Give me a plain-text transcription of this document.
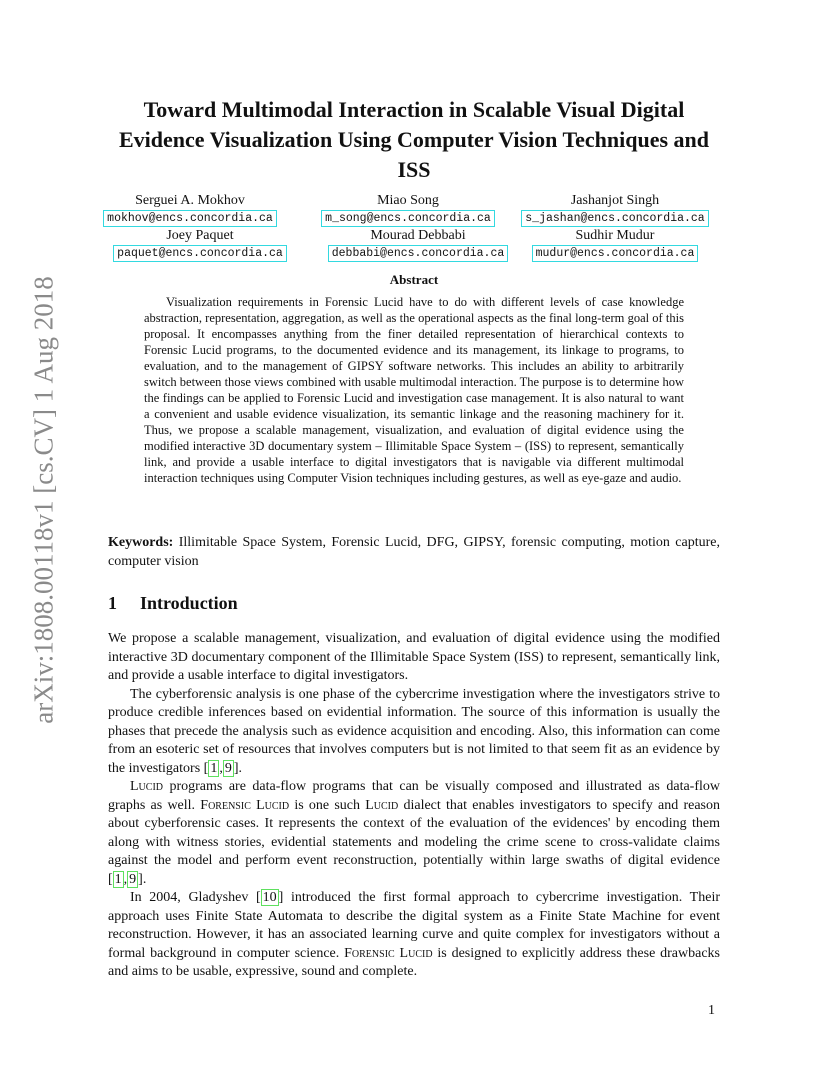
arXiv:1808.00118v1 [cs.CV] 1 Aug 2018
Toward Multimodal Interaction in Scalable Visual Digital Evidence Visualization Using Computer Vision Techniques and ISS
Serguei A. Mokhov
mokhov@encs.concordia.ca
Miao Song
m_song@encs.concordia.ca
Jashanjot Singh
s_jashan@encs.concordia.ca
Joey Paquet
paquet@encs.concordia.ca
Mourad Debbabi
debbabi@encs.concordia.ca
Sudhir Mudur
mudur@encs.concordia.ca
Abstract

Visualization requirements in Forensic Lucid have to do with different levels of case knowledge abstraction, representation, aggregation, as well as the operational aspects as the final long-term goal of this proposal. It encompasses anything from the finer detailed representation of hierarchical contexts to Forensic Lucid programs, to the documented evidence and its management, its linkage to programs, to evaluation, and to the management of GIPSY software networks. This includes an ability to arbitrarily switch between those views combined with usable multimodal interaction. The purpose is to determine how the findings can be applied to Forensic Lucid and investigation case management. It is also natural to want a convenient and usable evidence visualization, its semantic linkage and the reasoning machinery for it. Thus, we propose a scalable management, visualization, and evaluation of digital evidence using the modified interactive 3D documentary system – Illimitable Space System – (ISS) to represent, semantically link, and provide a usable interface to digital investigators that is navigable via different multimodal interaction techniques using Computer Vision techniques including gestures, as well as eye-gaze and audio.

Keywords: Illimitable Space System, Forensic Lucid, DFG, GIPSY, forensic computing, motion capture, computer vision

1 Introduction

We propose a scalable management, visualization, and evaluation of digital evidence using the modified interactive 3D documentary component of the Illimitable Space System (ISS) to represent, semantically link, and provide a usable interface to digital investigators.

The cyberforensic analysis is one phase of the cybercrime investigation where the investigators strive to produce credible inferences based on evidential information. The source of this information is usually the phases that precede the analysis such as evidence acquisition and encoding. Also, this information can come from an esoteric set of resources that involves computers but is not limited to that seem fit as an evidence by the investigators [ 1 , 9 ].

Lucid programs are data-flow programs that can be visually composed and illustrated as data-flow graphs as well. Forensic Lucid is one such Lucid dialect that enables investigators to specify and reason about cyberforensic cases. It represents the context of the evaluation of the evidences' by encoding them along with witness stories, evidential statements and modeling the crime scene to cross-validate claims against the model and perform event reconstruction, potentially within large swaths of digital evidence [ 1 , 9 ].

In 2004, Gladyshev [ 10 ] introduced the first formal approach to cybercrime investigation. Their approach uses Finite State Automata to describe the digital system as a Finite State Machine for event reconstruction. However, it has an associated learning curve and quite complex for investigators without a formal background in computer science. Forensic Lucid is designed to explicitly address these drawbacks and aims to be usable, expressive, sound and complete.

1
